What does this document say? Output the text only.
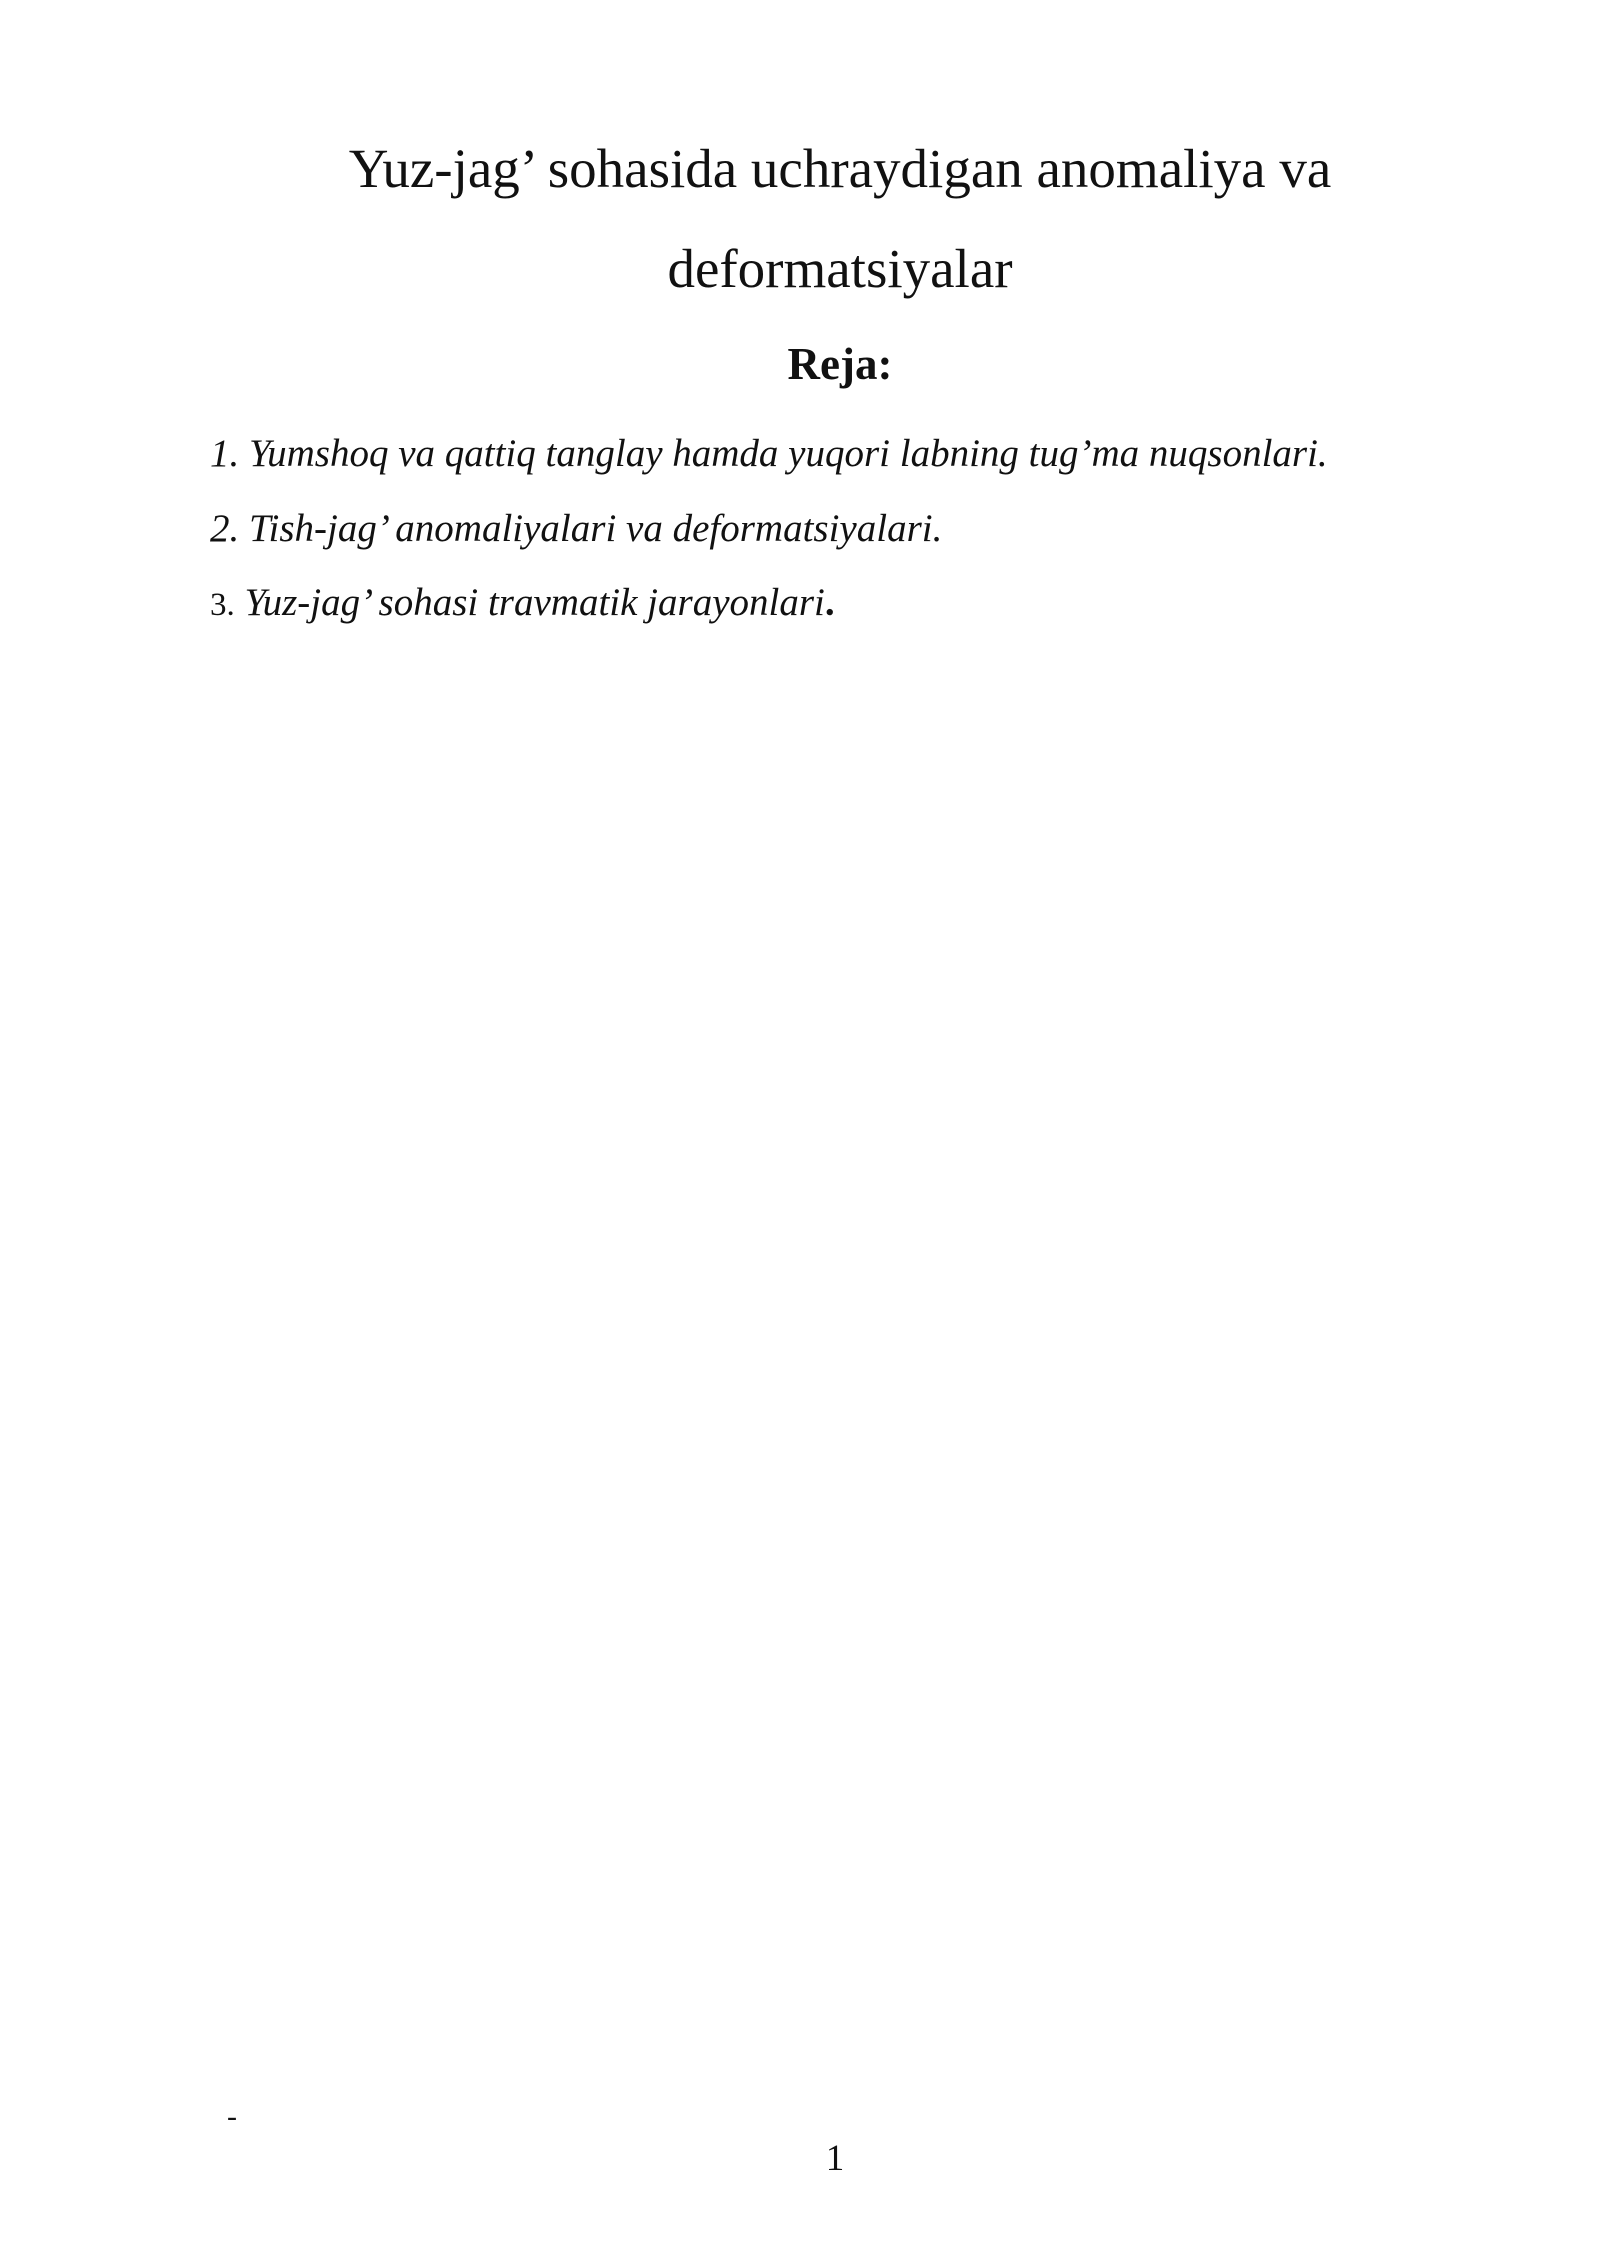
Yuz-jag’ sohasida uchraydigan anomaliya va
deformatsiyalar
Reja:

1. Yumshoq va qattiq tanglay hamda yuqori labning tug’ma nuqsonlari.

2. Tish-jag’ anomaliyalari va deformatsiyalari.

3. Yuz-jag’ sohasi travmatik jarayonlari.

-
1
